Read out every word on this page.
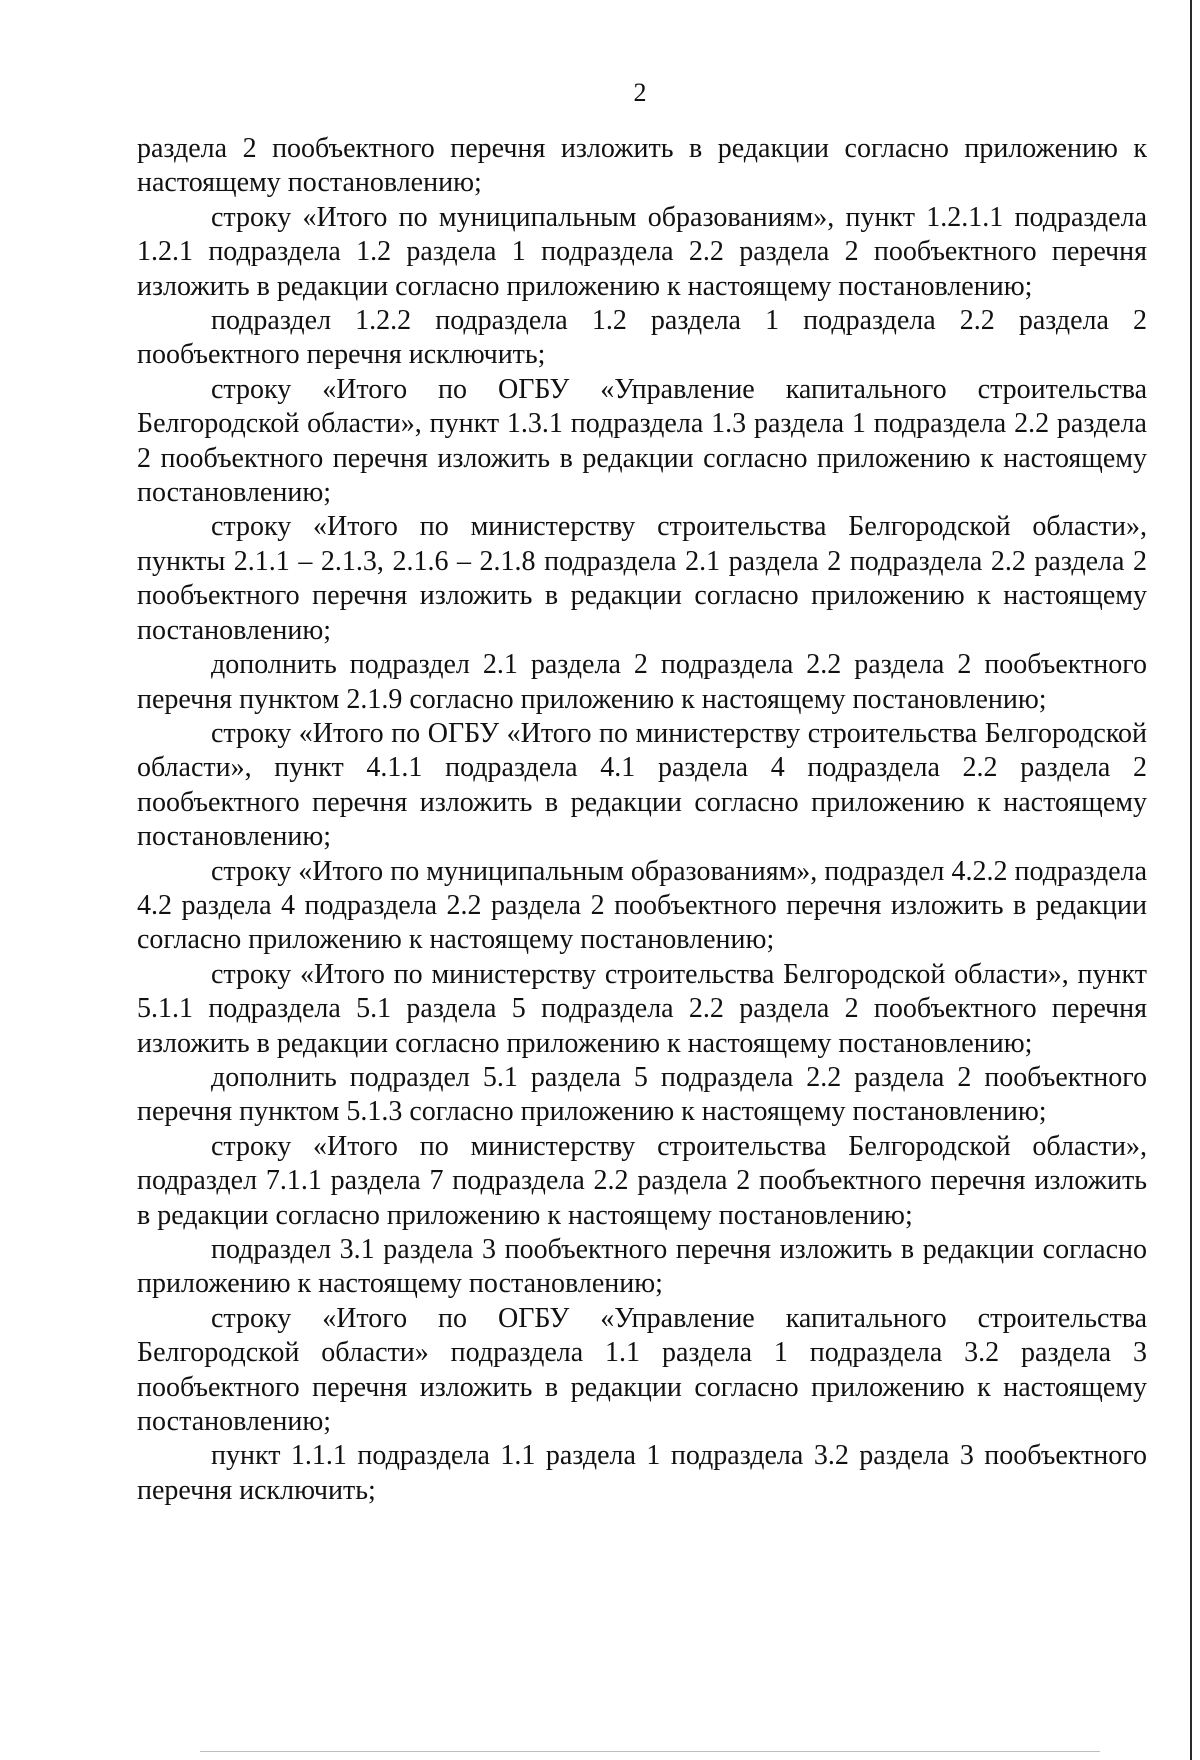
2

раздела 2 пообъектного перечня изложить в редакции согласно приложению к настоящему постановлению;

строку «Итого по муниципальным образованиям», пункт 1.2.1.1 подраздела 1.2.1 подраздела 1.2 раздела 1 подраздела 2.2 раздела 2 пообъектного перечня изложить в редакции согласно приложению к настоящему постановлению;

подраздел 1.2.2 подраздела 1.2 раздела 1 подраздела 2.2 раздела 2 пообъектного перечня исключить;

строку «Итого по ОГБУ «Управление капитального строительства Белгородской области», пункт 1.3.1 подраздела 1.3 раздела 1 подраздела 2.2 раздела 2 пообъектного перечня изложить в редакции согласно приложению к настоящему постановлению;

строку «Итого по министерству строительства Белгородской области», пункты 2.1.1 – 2.1.3, 2.1.6 – 2.1.8 подраздела 2.1 раздела 2 подраздела 2.2 раздела 2 пообъектного перечня изложить в редакции согласно приложению к настоящему постановлению;

дополнить подраздел 2.1 раздела 2 подраздела 2.2 раздела 2 пообъектного перечня пунктом 2.1.9 согласно приложению к настоящему постановлению;

строку «Итого по ОГБУ «Итого по министерству строительства Белгородской области», пункт 4.1.1 подраздела 4.1 раздела 4 подраздела 2.2 раздела 2 пообъектного перечня изложить в редакции согласно приложению к настоящему постановлению;

строку «Итого по муниципальным образованиям», подраздел 4.2.2 подраздела 4.2 раздела 4 подраздела 2.2 раздела 2 пообъектного перечня изложить в редакции согласно приложению к настоящему постановлению;

строку «Итого по министерству строительства Белгородской области», пункт 5.1.1 подраздела 5.1 раздела 5 подраздела 2.2 раздела 2 пообъектного перечня изложить в редакции согласно приложению к настоящему постановлению;

дополнить подраздел 5.1 раздела 5 подраздела 2.2 раздела 2 пообъектного перечня пунктом 5.1.3 согласно приложению к настоящему постановлению;

строку «Итого по министерству строительства Белгородской области», подраздел 7.1.1 раздела 7 подраздела 2.2 раздела 2 пообъектного перечня изложить в редакции согласно приложению к настоящему постановлению;

подраздел 3.1 раздела 3 пообъектного перечня изложить в редакции согласно приложению к настоящему постановлению;

строку «Итого по ОГБУ «Управление капитального строительства Белгородской области» подраздела 1.1 раздела 1 подраздела 3.2 раздела 3 пообъектного перечня изложить в редакции согласно приложению к настоящему постановлению;

пункт 1.1.1 подраздела 1.1 раздела 1 подраздела 3.2 раздела 3 пообъектного перечня исключить;
